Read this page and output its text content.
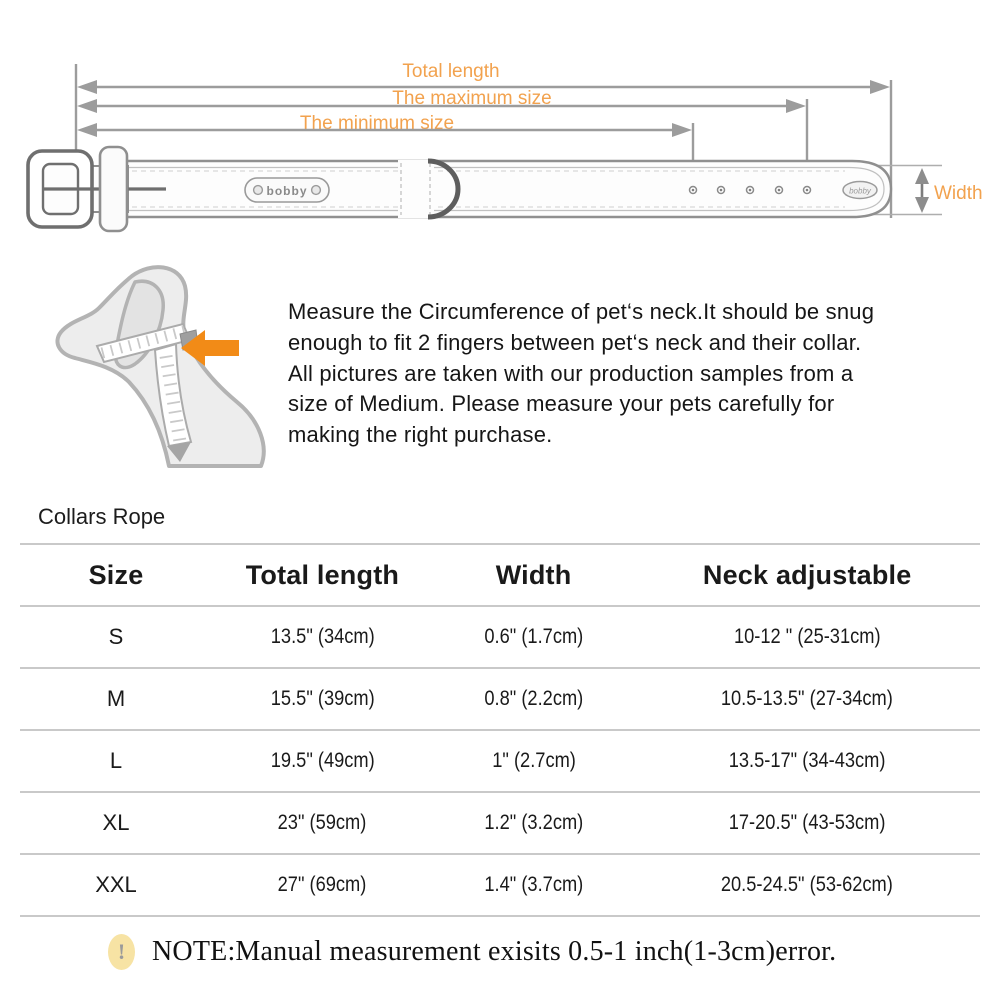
Total length
The maximum size
The minimum size
Width
bobby	bobby
Measure the Circumference of pet‘s neck.It should be snug
enough to fit 2 fingers between pet‘s neck and their collar.
All pictures are taken with our production samples from a
size of Medium. Please measure your pets carefully for
making the right purchase.
Collars Rope
Size	Total length	Width	Neck adjustable
S	13.5" (34cm)	0.6" (1.7cm)	10-12 " (25-31cm)
M	15.5" (39cm)	0.8" (2.2cm)	10.5-13.5" (27-34cm)
L	19.5" (49cm)	1" (2.7cm)	13.5-17" (34-43cm)
XL	23" (59cm)	1.2" (3.2cm)	17-20.5" (43-53cm)
XXL	27" (69cm)	1.4" (3.7cm)	20.5-24.5" (53-62cm)
! NOTE:Manual measurement exisits 0.5-1 inch(1-3cm)error.
